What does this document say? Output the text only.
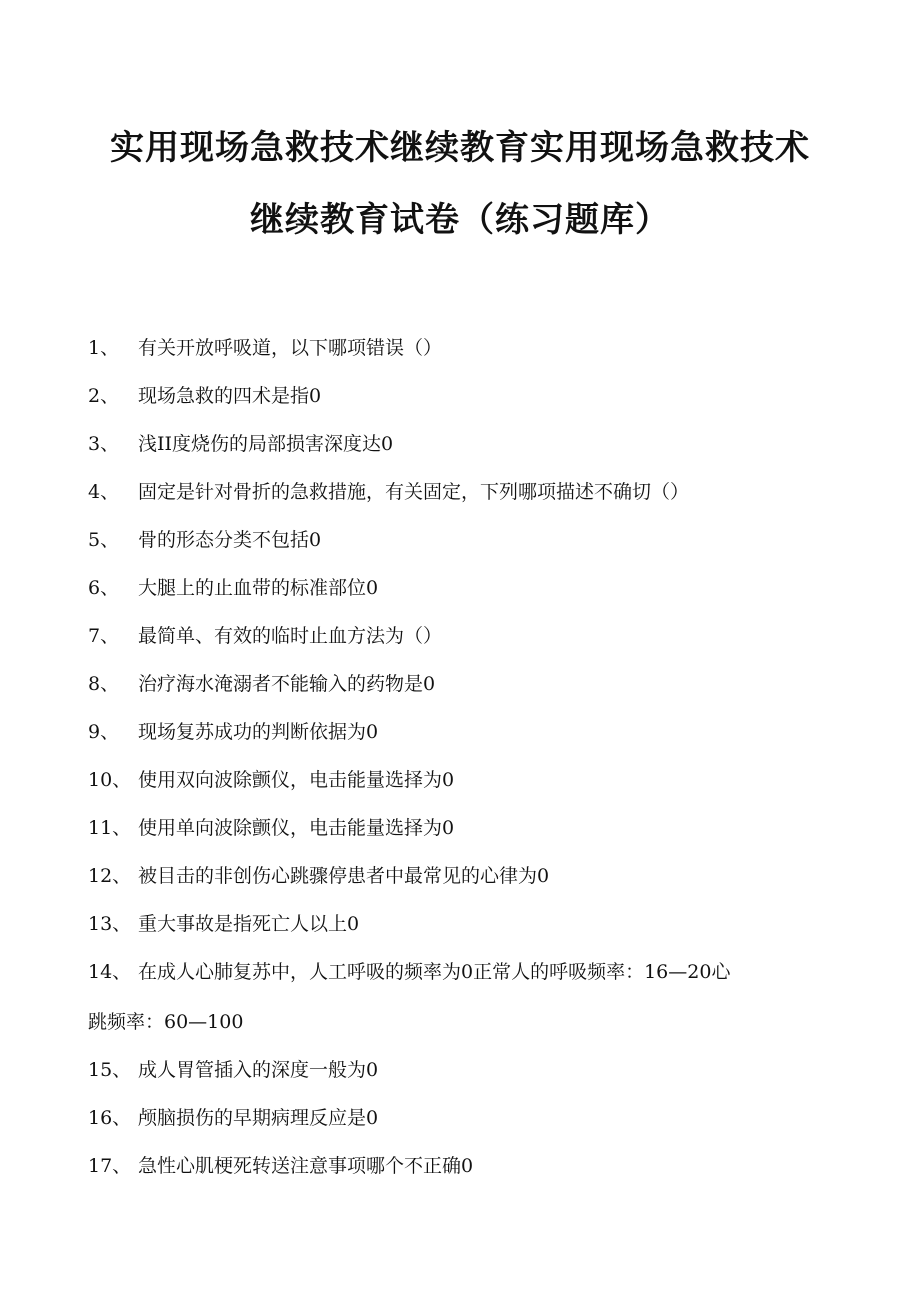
实用现场急救技术继续教育实用现场急救技术
继续教育试卷（练习题库）
1、 有关开放呼吸道，以下哪项错误（）
2、 现场急救的四术是指0
3、 浅II度烧伤的局部损害深度达0
4、 固定是针对骨折的急救措施，有关固定，下列哪项描述不确切（）
5、 骨的形态分类不包括0
6、 大腿上的止血带的标准部位0
7、 最简单、有效的临时止血方法为（）
8、 治疗海水淹溺者不能输入的药物是0
9、 现场复苏成功的判断依据为0
10、 使用双向波除颤仪，电击能量选择为0
11、 使用单向波除颤仪，电击能量选择为0
12、 被目击的非创伤心跳骤停患者中最常见的心律为0
13、 重大事故是指死亡人以上0
14、 在成人心肺复苏中，人工呼吸的频率为0正常人的呼吸频率：16—20心
跳频率：60—100
15、 成人胃管插入的深度一般为0
16、 颅脑损伤的早期病理反应是0
17、 急性心肌梗死转送注意事项哪个不正确0
